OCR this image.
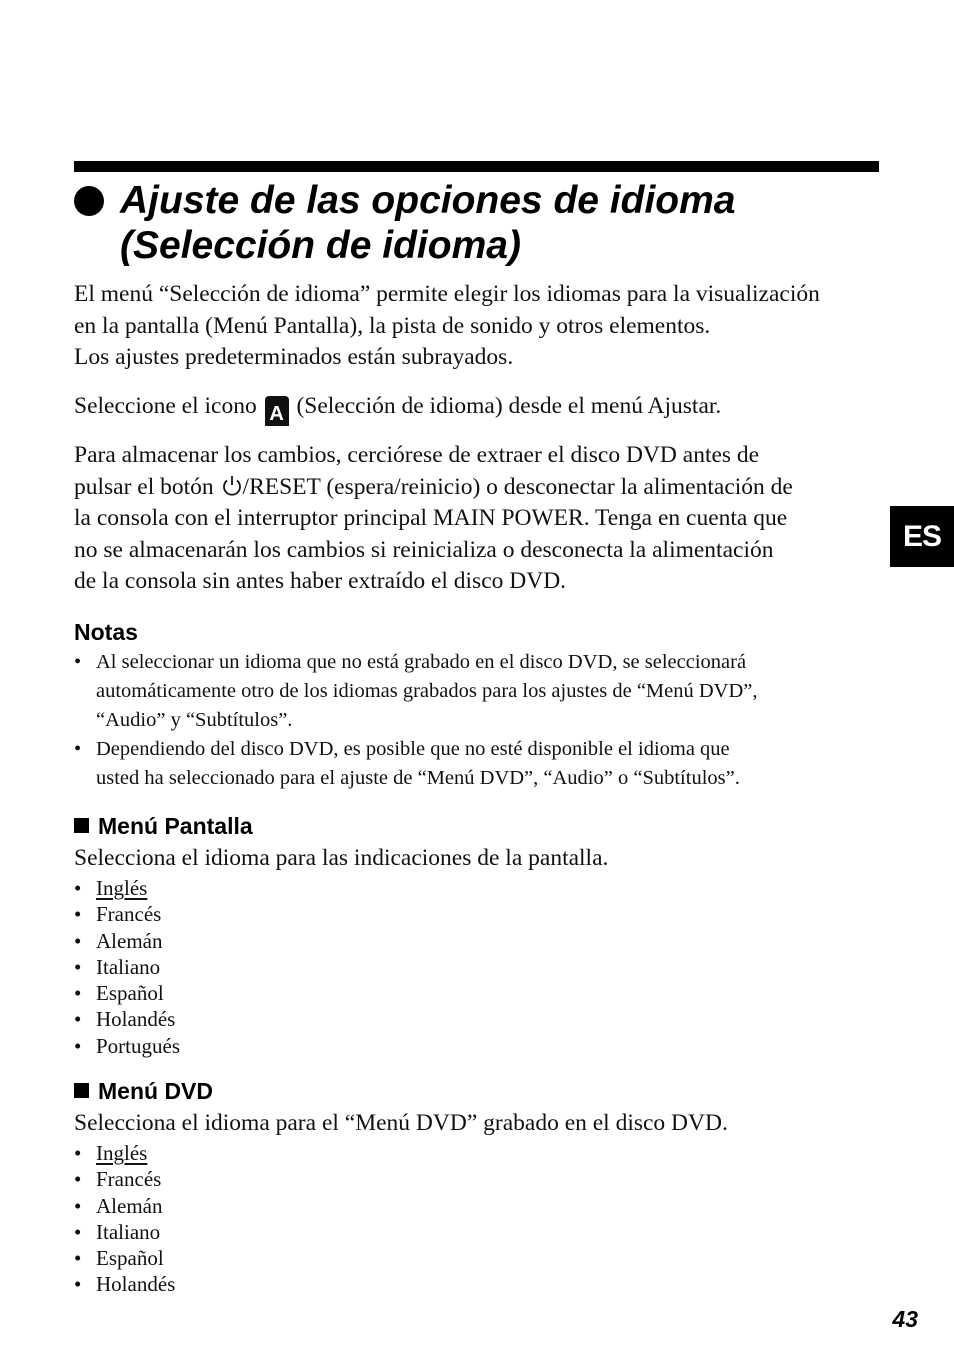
Ajuste de las opciones de idioma
(Selección de idioma)
El menú “Selección de idioma” permite elegir los idiomas para la visualización
en la pantalla (Menú Pantalla), la pista de sonido y otros elementos.
Los ajustes predeterminados están subrayados.
Seleccione el icono A (Selección de idioma) desde el menú Ajustar.
Para almacenar los cambios, cerciórese de extraer el disco DVD antes de
pulsar el botón /RESET (espera/reinicio) o desconectar la alimentación de
la consola con el interruptor principal MAIN POWER. Tenga en cuenta que
no se almacenarán los cambios si reinicializa o desconecta la alimentación
de la consola sin antes haber extraído el disco DVD.
Notas
• Al seleccionar un idioma que no está grabado en el disco DVD, se seleccionará
automáticamente otro de los idiomas grabados para los ajustes de “Menú DVD”,
“Audio” y “Subtítulos”.
• Dependiendo del disco DVD, es posible que no esté disponible el idioma que
usted ha seleccionado para el ajuste de “Menú DVD”, “Audio” o “Subtítulos”.
Menú Pantalla
Selecciona el idioma para las indicaciones de la pantalla.
• Inglés
• Francés
• Alemán
• Italiano
• Español
• Holandés
• Portugués
Menú DVD
Selecciona el idioma para el “Menú DVD” grabado en el disco DVD.
• Inglés
• Francés
• Alemán
• Italiano
• Español
• Holandés
ES
43
